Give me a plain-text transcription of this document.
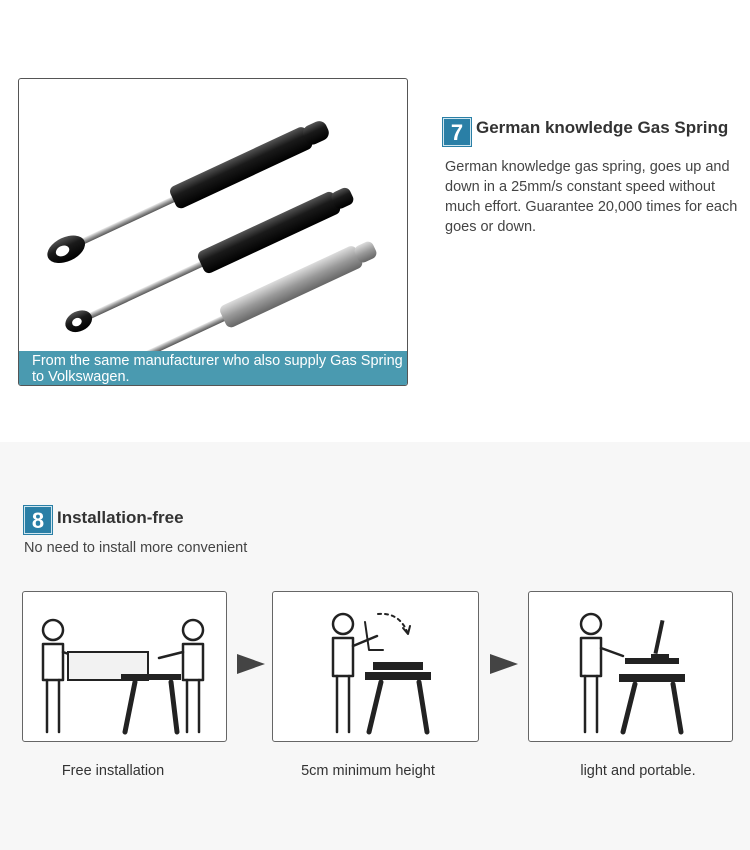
From the same manufacturer who also supply Gas Spring to Volkswagen.
7 German knowledge Gas Spring
German knowledge gas spring, goes up and down in a 25mm/s constant speed without much effort. Guarantee 20,000 times for each goes or down.
8 Installation-free
No need to install more convenient
Free installation	5cm minimum height	light and portable.
